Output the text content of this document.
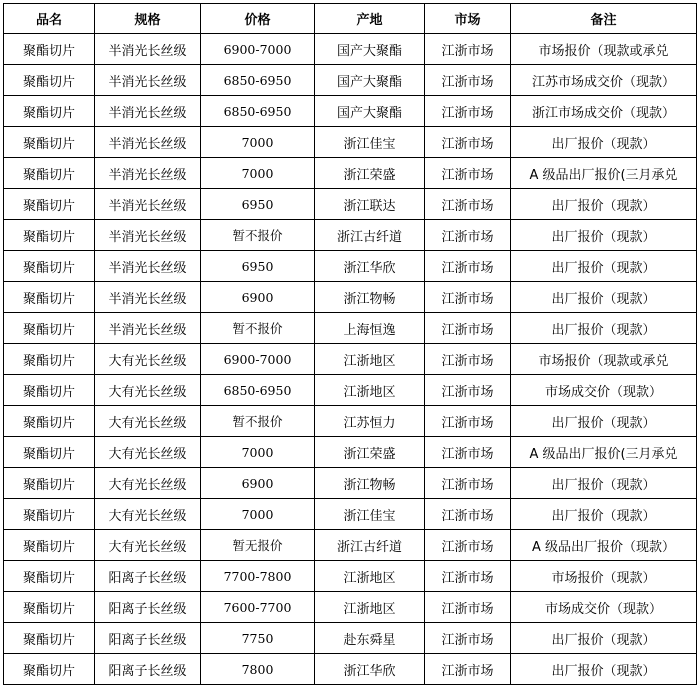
品名	规格	价格	产地	市场	备注
聚酯切片	半消光长丝级	6900-7000	国产大聚酯	江浙市场	市场报价（现款或承兑
聚酯切片	半消光长丝级	6850-6950	国产大聚酯	江浙市场	江苏市场成交价（现款）
聚酯切片	半消光长丝级	6850-6950	国产大聚酯	江浙市场	浙江市场成交价（现款）
聚酯切片	半消光长丝级	7000	浙江佳宝	江浙市场	出厂报价（现款）
聚酯切片	半消光长丝级	7000	浙江荣盛	江浙市场	A 级品出厂报价(三月承兑
聚酯切片	半消光长丝级	6950	浙江联达	江浙市场	出厂报价（现款）
聚酯切片	半消光长丝级	暂不报价	浙江古纤道	江浙市场	出厂报价（现款）
聚酯切片	半消光长丝级	6950	浙江华欣	江浙市场	出厂报价（现款）
聚酯切片	半消光长丝级	6900	浙江物畅	江浙市场	出厂报价（现款）
聚酯切片	半消光长丝级	暂不报价	上海恒逸	江浙市场	出厂报价（现款）
聚酯切片	大有光长丝级	6900-7000	江浙地区	江浙市场	市场报价（现款或承兑
聚酯切片	大有光长丝级	6850-6950	江浙地区	江浙市场	市场成交价（现款）
聚酯切片	大有光长丝级	暂不报价	江苏恒力	江浙市场	出厂报价（现款）
聚酯切片	大有光长丝级	7000	浙江荣盛	江浙市场	A 级品出厂报价(三月承兑
聚酯切片	大有光长丝级	6900	浙江物畅	江浙市场	出厂报价（现款）
聚酯切片	大有光长丝级	7000	浙江佳宝	江浙市场	出厂报价（现款）
聚酯切片	大有光长丝级	暂无报价	浙江古纤道	江浙市场	A 级品出厂报价（现款）
聚酯切片	阳离子长丝级	7700-7800	江浙地区	江浙市场	市场报价（现款）
聚酯切片	阳离子长丝级	7600-7700	江浙地区	江浙市场	市场成交价（现款）
聚酯切片	阳离子长丝级	7750	赴东舜星	江浙市场	出厂报价（现款）
聚酯切片	阳离子长丝级	7800	浙江华欣	江浙市场	出厂报价（现款）
